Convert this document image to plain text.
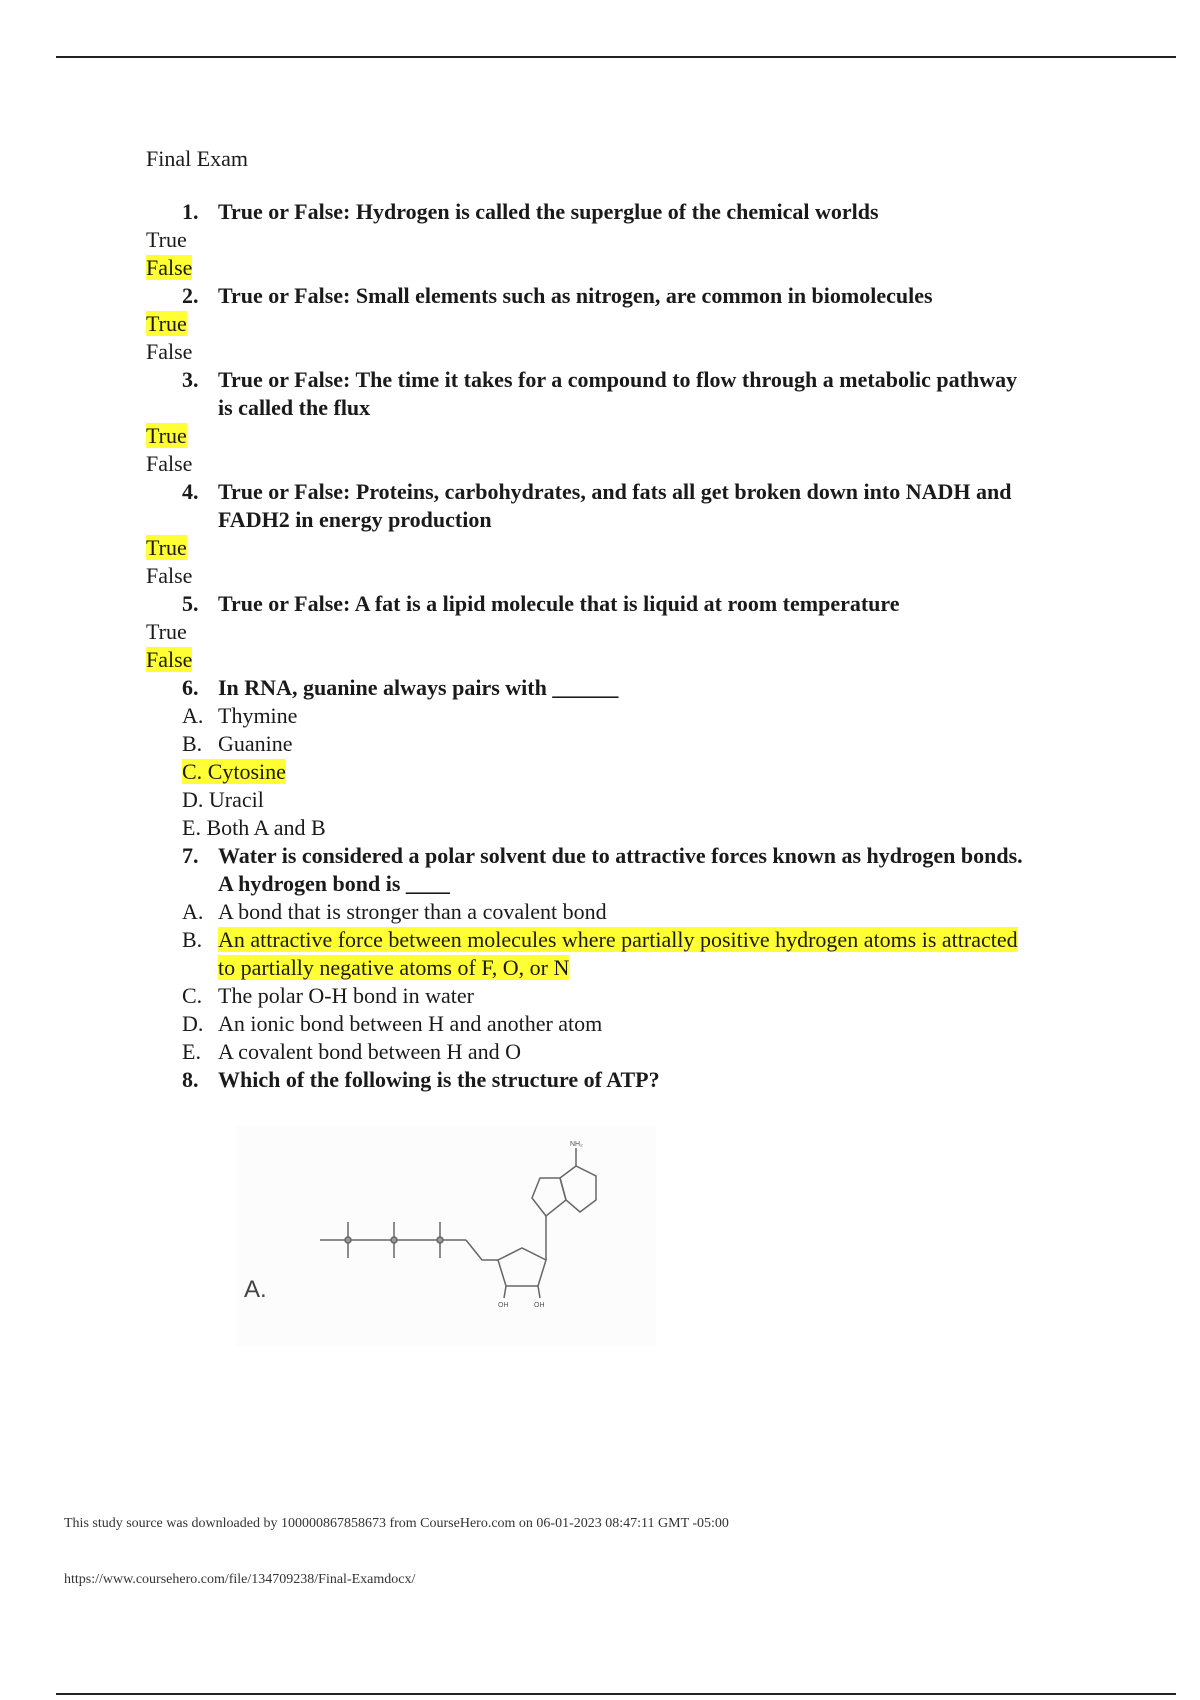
Final Exam
1. True or False: Hydrogen is called the superglue of the chemical worlds
True
False
2. True or False: Small elements such as nitrogen, are common in biomolecules
True
False
3. True or False: The time it takes for a compound to flow through a metabolic pathway is called the flux
True
False
4. True or False: Proteins, carbohydrates, and fats all get broken down into NADH and FADH2 in energy production
True
False
5. True or False: A fat is a lipid molecule that is liquid at room temperature
True
False
6. In RNA, guanine always pairs with ______
A. Thymine
B. Guanine
C. Cytosine
D. Uracil
E. Both A and B
7. Water is considered a polar solvent due to attractive forces known as hydrogen bonds. A hydrogen bond is ____
A. A bond that is stronger than a covalent bond
B. An attractive force between molecules where partially positive hydrogen atoms is attracted to partially negative atoms of F, O, or N
C. The polar O-H bond in water
D. An ionic bond between H and another atom
E. A covalent bond between H and O
8. Which of the following is the structure of ATP?
A.
NH₂
OH	OH
This study source was downloaded by 100000867858673 from CourseHero.com on 06-01-2023 08:47:11 GMT -05:00
https://www.coursehero.com/file/134709238/Final-Examdocx/
